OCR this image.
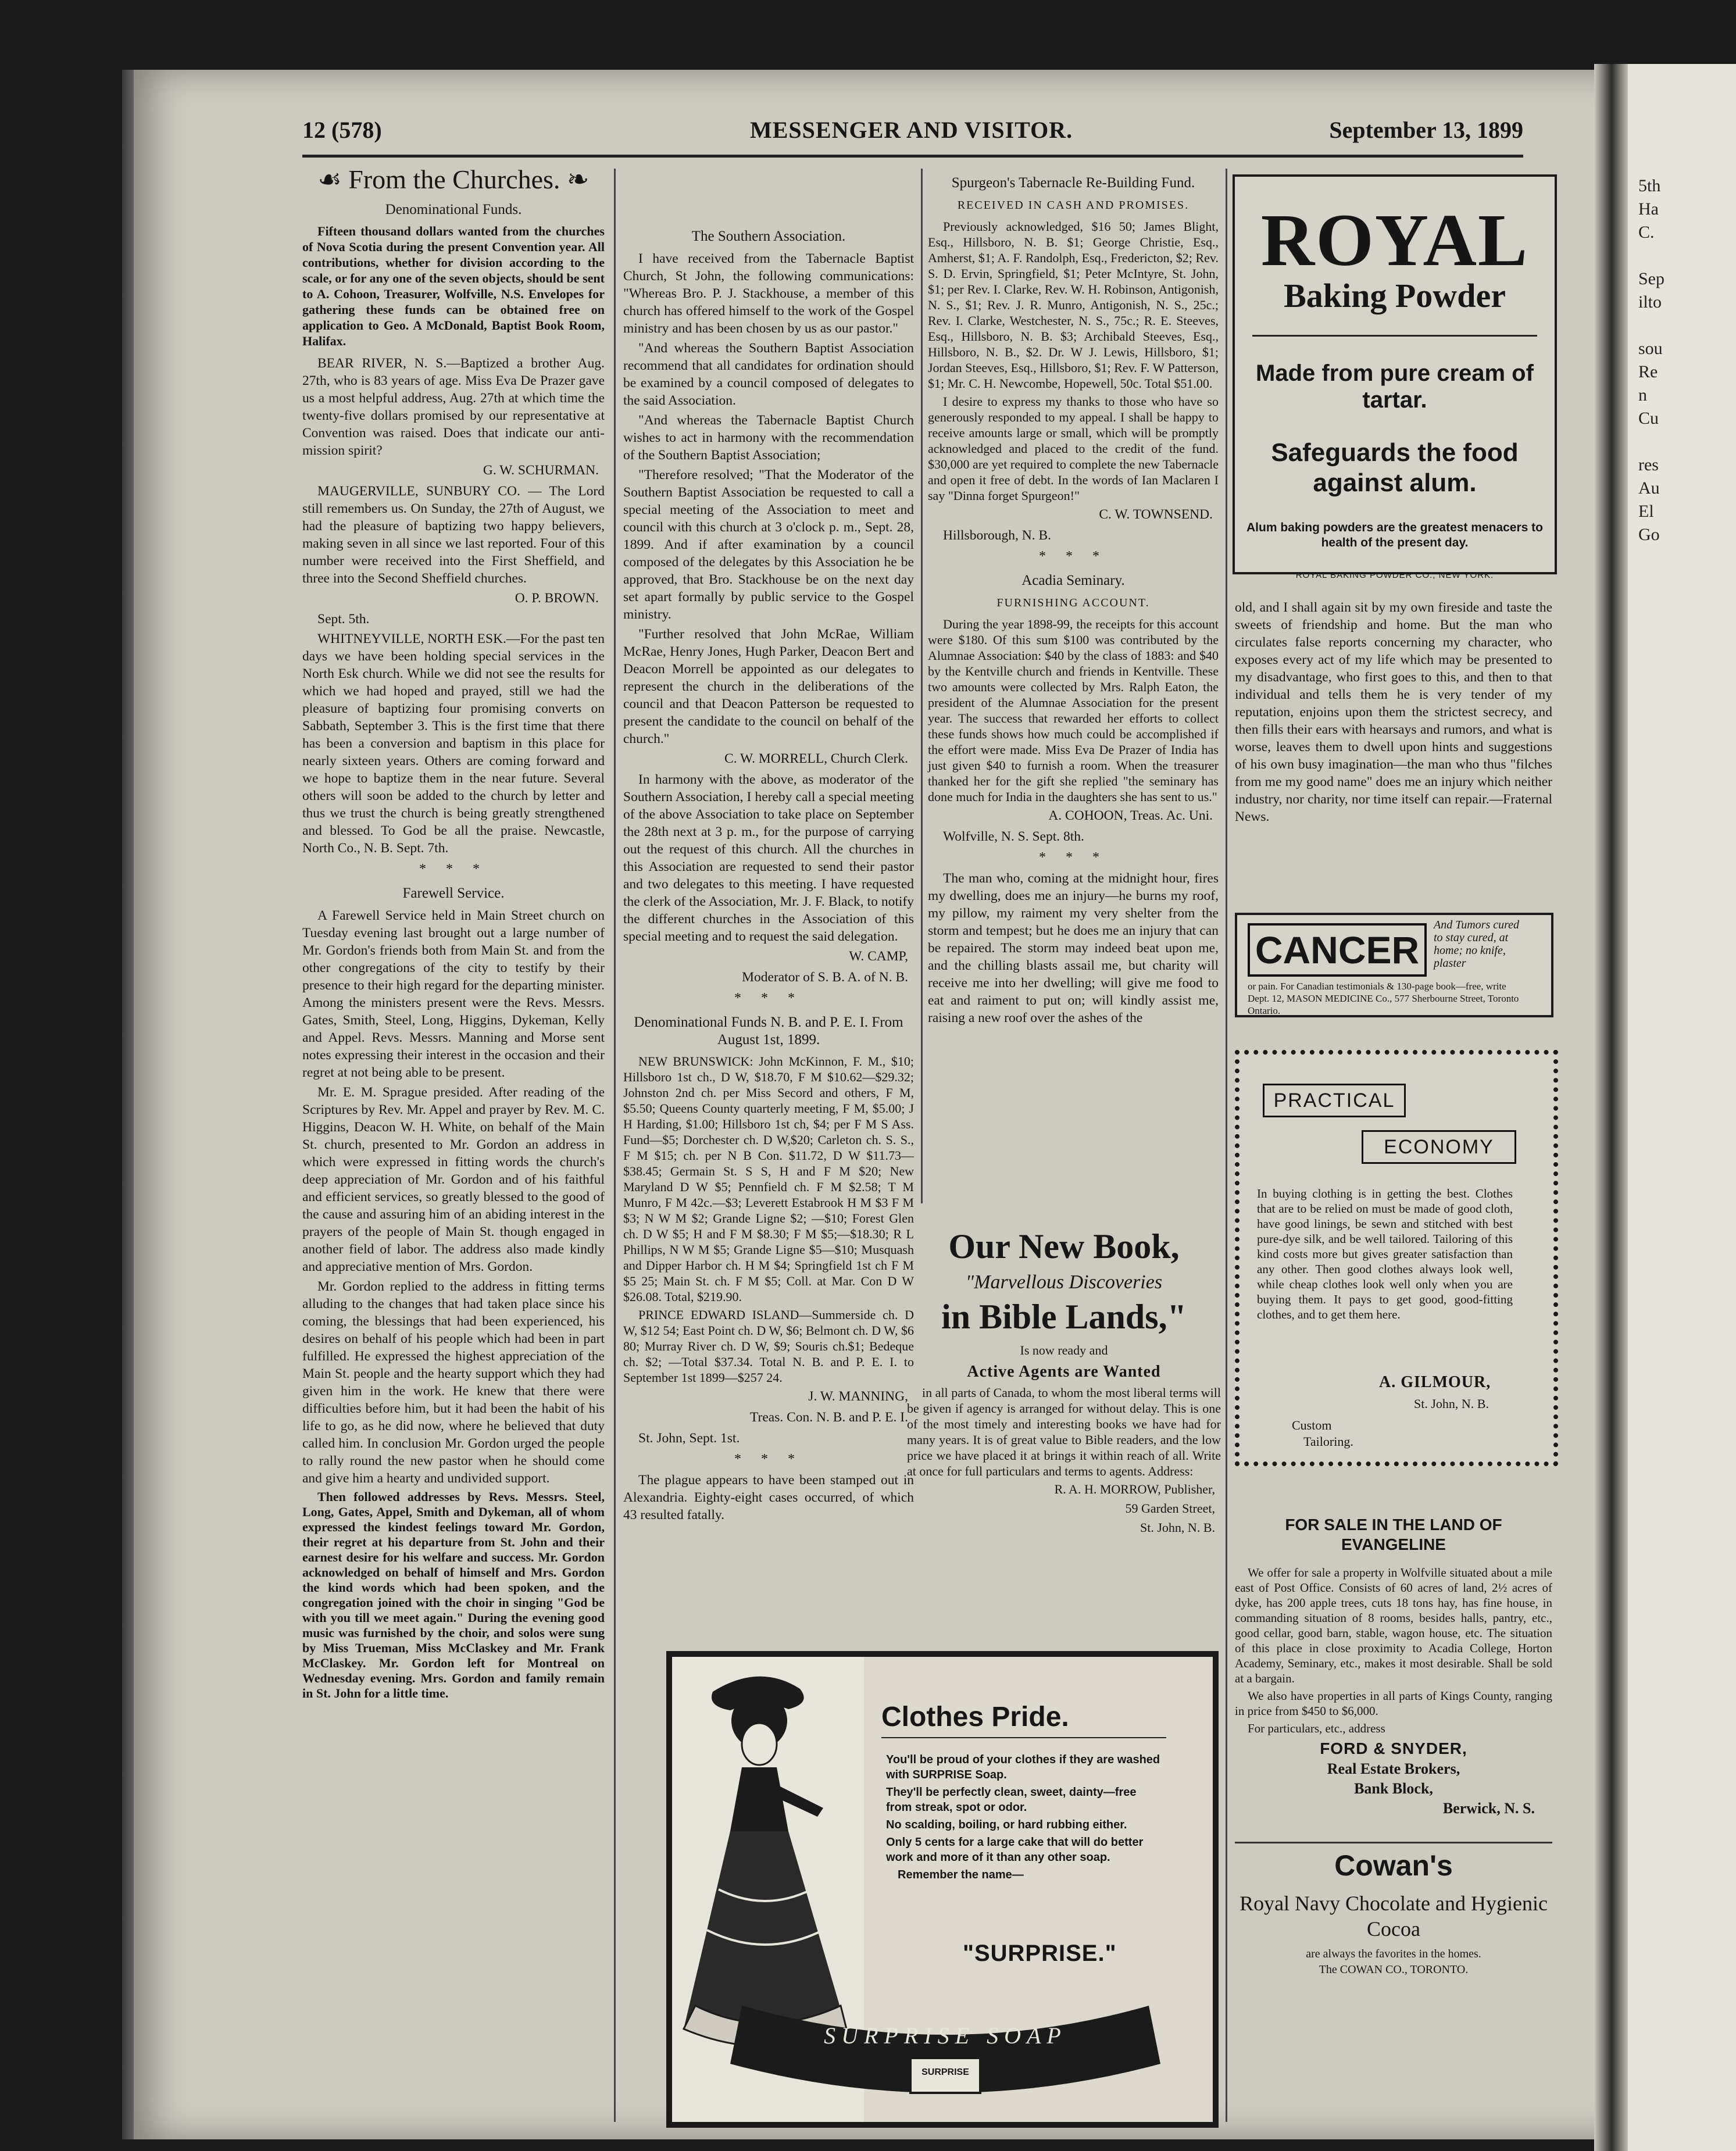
5th
Ha
C.

Sep
ilto

sou
Re
n
Cu

res
Au
El
Go
12 (578)	MESSENGER AND VISITOR.	September 13, 1899
☙ From the Churches. ❧
Denominational Funds.

Fifteen thousand dollars wanted from the churches of Nova Scotia during the present Convention year. All contributions, whether for division according to the scale, or for any one of the seven objects, should be sent to A. Cohoon, Treasurer, Wolfville, N.S. Envelopes for gathering these funds can be obtained free on application to Geo. A McDonald, Baptist Book Room, Halifax.

BEAR RIVER, N. S.—Baptized a brother Aug. 27th, who is 83 years of age. Miss Eva De Prazer gave us a most helpful address, Aug. 27th at which time the twenty-five dollars promised by our representative at Convention was raised. Does that indicate our anti-mission spirit?

G. W. SCHURMAN.

MAUGERVILLE, SUNBURY CO. — The Lord still remembers us. On Sunday, the 27th of August, we had the pleasure of baptizing two happy believers, making seven in all since we last reported. Four of this number were received into the First Sheffield, and three into the Second Sheffield churches.

O. P. BROWN.

Sept. 5th.

WHITNEYVILLE, NORTH ESK.—For the past ten days we have been holding special services in the North Esk church. While we did not see the results for which we had hoped and prayed, still we had the pleasure of baptizing four promising converts on Sabbath, September 3. This is the first time that there has been a conversion and baptism in this place for nearly sixteen years. Others are coming forward and we hope to baptize them in the near future. Several others will soon be added to the church by letter and thus we trust the church is being greatly strengthened and blessed. To God be all the praise. Newcastle, North Co., N. B. Sept. 7th.

* * *
Farewell Service.

A Farewell Service held in Main Street church on Tuesday evening last brought out a large number of Mr. Gordon's friends both from Main St. and from the other congregations of the city to testify by their presence to their high regard for the departing minister. Among the ministers present were the Revs. Messrs. Gates, Smith, Steel, Long, Higgins, Dykeman, Kelly and Appel. Revs. Messrs. Manning and Morse sent notes expressing their interest in the occasion and their regret at not being able to be present.

Mr. E. M. Sprague presided. After reading of the Scriptures by Rev. Mr. Appel and prayer by Rev. M. C. Higgins, Deacon W. H. White, on behalf of the Main St. church, presented to Mr. Gordon an address in which were expressed in fitting words the church's deep appreciation of Mr. Gordon and of his faithful and efficient services, so greatly blessed to the good of the cause and assuring him of an abiding interest in the prayers of the people of Main St. though engaged in another field of labor. The address also made kindly and appreciative mention of Mrs. Gordon.

Mr. Gordon replied to the address in fitting terms alluding to the changes that had taken place since his coming, the blessings that had been experienced, his desires on behalf of his people which had been in part fulfilled. He expressed the highest appreciation of the Main St. people and the hearty support which they had given him in the work. He knew that there were difficulties before him, but it had been the habit of his life to go, as he did now, where he believed that duty called him. In conclusion Mr. Gordon urged the people to rally round the new pastor when he should come and give him a hearty and undivided support.

Then followed addresses by Revs. Messrs. Steel, Long, Gates, Appel, Smith and Dykeman, all of whom expressed the kindest feelings toward Mr. Gordon, their regret at his departure from St. John and their earnest desire for his welfare and success. Mr. Gordon acknowledged on behalf of himself and Mrs. Gordon the kind words which had been spoken, and the congregation joined with the choir in singing "God be with you till we meet again." During the evening good music was furnished by the choir, and solos were sung by Miss Trueman, Miss McClaskey and Mr. Frank McClaskey. Mr. Gordon left for Montreal on Wednesday evening. Mrs. Gordon and family remain in St. John for a little time.

The Southern Association.

I have received from the Tabernacle Baptist Church, St John, the following communications: "Whereas Bro. P. J. Stackhouse, a member of this church has offered himself to the work of the Gospel ministry and has been chosen by us as our pastor."

"And whereas the Southern Baptist Association recommend that all candidates for ordination should be examined by a council composed of delegates to the said Association.

"And whereas the Tabernacle Baptist Church wishes to act in harmony with the recommendation of the Southern Baptist Association;

"Therefore resolved; "That the Moderator of the Southern Baptist Association be requested to call a special meeting of the Association to meet and council with this church at 3 o'clock p. m., Sept. 28, 1899. And if after examination by a council composed of the delegates by this Association he be approved, that Bro. Stackhouse be on the next day set apart formally by public service to the Gospel ministry.

"Further resolved that John McRae, William McRae, Henry Jones, Hugh Parker, Deacon Bert and Deacon Morrell be appointed as our delegates to represent the church in the deliberations of the council and that Deacon Patterson be requested to present the candidate to the council on behalf of the church."

C. W. MORRELL, Church Clerk.

In harmony with the above, as moderator of the Southern Association, I hereby call a special meeting of the above Association to take place on September the 28th next at 3 p. m., for the purpose of carrying out the request of this church. All the churches in this Association are requested to send their pastor and two delegates to this meeting. I have requested the clerk of the Association, Mr. J. F. Black, to notify the different churches in the Association of this special meeting and to request the said delegation.

W. CAMP,

Moderator of S. B. A. of N. B.

* * *
Denominational Funds N. B. and P. E. I. From August 1st, 1899.

NEW BRUNSWICK: John McKinnon, F. M., $10; Hillsboro 1st ch., D W, $18.70, F M $10.62—$29.32; Johnston 2nd ch. per Miss Secord and others, F M, $5.50; Queens County quarterly meeting, F M, $5.00; J H Harding, $1.00; Hillsboro 1st ch, $4; per F M S Ass. Fund—$5; Dorchester ch. D W,$20; Carleton ch. S. S., F M $15; ch. per N B Con. $11.72, D W $11.73—$38.45; Germain St. S S, H and F M $20; New Maryland D W $5; Pennfield ch. F M $2.58; T M Munro, F M 42c.—$3; Leverett Estabrook H M $3 F M $3; N W M $2; Grande Ligne $2; —$10; Forest Glen ch. D W $5; H and F M $8.30; F M $5;—$18.30; R L Phillips, N W M $5; Grande Ligne $5—$10; Musquash and Dipper Harbor ch. H M $4; Springfield 1st ch F M $5 25; Main St. ch. F M $5; Coll. at Mar. Con D W $26.08. Total, $219.90.

PRINCE EDWARD ISLAND—Summerside ch. D W, $12 54; East Point ch. D W, $6; Belmont ch. D W, $6 80; Murray River ch. D W, $9; Souris ch.$1; Bedeque ch. $2; —Total $37.34. Total N. B. and P. E. I. to September 1st 1899—$257 24.

J. W. MANNING,

Treas. Con. N. B. and P. E. I.

St. John, Sept. 1st.

* * *

The plague appears to have been stamped out in Alexandria. Eighty-eight cases occurred, of which 43 resulted fatally.

Spurgeon's Tabernacle Re-Building Fund.
RECEIVED IN CASH AND PROMISES.

Previously acknowledged, $16 50; James Blight, Esq., Hillsboro, N. B. $1; George Christie, Esq., Amherst, $1; A. F. Randolph, Esq., Fredericton, $2; Rev. S. D. Ervin, Springfield, $1; Peter McIntyre, St. John, $1; per Rev. I. Clarke, Rev. W. H. Robinson, Antigonish, N. S., $1; Rev. J. R. Munro, Antigonish, N. S., 25c.; Rev. I. Clarke, Westchester, N. S., 75c.; R. E. Steeves, Esq., Hillsboro, N. B. $3; Archibald Steeves, Esq., Hillsboro, N. B., $2. Dr. W J. Lewis, Hillsboro, $1; Jordan Steeves, Esq., Hillsboro, $1; Rev. F. W Patterson, $1; Mr. C. H. Newcombe, Hopewell, 50c. Total $51.00.

I desire to express my thanks to those who have so generously responded to my appeal. I shall be happy to receive amounts large or small, which will be promptly acknowledged and placed to the credit of the fund. $30,000 are yet required to complete the new Tabernacle and open it free of debt. In the words of Ian Maclaren I say "Dinna forget Spurgeon!"

C. W. TOWNSEND.

Hillsborough, N. B.

* * *
Acadia Seminary.
FURNISHING ACCOUNT.

During the year 1898-99, the receipts for this account were $180. Of this sum $100 was contributed by the Alumnae Association: $40 by the class of 1883: and $40 by the Kentville church and friends in Kentville. These two amounts were collected by Mrs. Ralph Eaton, the president of the Alumnae Association for the present year. The success that rewarded her efforts to collect these funds shows how much could be accomplished if the effort were made. Miss Eva De Prazer of India has just given $40 to furnish a room. When the treasurer thanked her for the gift she replied "the seminary has done much for India in the daughters she has sent to us."

A. COHOON, Treas. Ac. Uni.

Wolfville, N. S. Sept. 8th.

* * *

The man who, coming at the midnight hour, fires my dwelling, does me an injury—he burns my roof, my pillow, my raiment my very shelter from the storm and tempest; but he does me an injury that can be repaired. The storm may indeed beat upon me, and the chilling blasts assail me, but charity will receive me into her dwelling; will give me food to eat and raiment to put on; will kindly assist me, raising a new roof over the ashes of the

Our New Book,
"Marvellous Discoveries
in Bible Lands,"
Is now ready and
Active Agents are Wanted

in all parts of Canada, to whom the most liberal terms will be given if agency is arranged for without delay. This is one of the most timely and interesting books we have had for many years. It is of great value to Bible readers, and the low price we have placed it at brings it within reach of all. Write at once for full particulars and terms to agents. Address:

R. A. H. MORROW, Publisher,

59 Garden Street,

St. John, N. B.

ROYAL
Baking Powder
Made from pure cream of tartar.
Safeguards the food against alum.
Alum baking powders are the greatest menacers to health of the present day.
ROYAL BAKING POWDER CO., NEW YORK.

old, and I shall again sit by my own fireside and taste the sweets of friendship and home. But the man who circulates false reports concerning my character, who exposes every act of my life which may be presented to my disadvantage, who first goes to this, and then to that individual and tells them he is very tender of my reputation, enjoins upon them the strictest secrecy, and then fills their ears with hearsays and rumors, and what is worse, leaves them to dwell upon hints and suggestions of his own busy imagination—the man who thus "filches from me my good name" does me an injury which neither industry, nor charity, nor time itself can repair.—Fraternal News.

CANCER
And Tumors cured to stay cured, at home; no knife, plaster
or pain. For Canadian testimonials & 130-page book—free, write Dept. 12, MASON MEDICINE Co., 577 Sherbourne Street, Toronto Ontario.
PRACTICAL
ECONOMY
In buying clothing is in getting the best. Clothes that are to be relied on must be made of good cloth, have good linings, be sewn and stitched with best pure-dye silk, and be well tailored. Tailoring of this kind costs more but gives greater satisfaction than any other. Then good clothes always look well, while cheap clothes look well only when you are buying them. It pays to get good, good-fitting clothes, and to get them here.
A. GILMOUR,
St. John, N. B.
Custom
Tailoring.
FOR SALE IN THE LAND OF EVANGELINE

We offer for sale a property in Wolfville situated about a mile east of Post Office. Consists of 60 acres of land, 2½ acres of dyke, has 200 apple trees, cuts 18 tons hay, has fine house, in commanding situation of 8 rooms, besides halls, pantry, etc., good cellar, good barn, stable, wagon house, etc. The situation of this place in close proximity to Acadia College, Horton Academy, Seminary, etc., makes it most desirable. Shall be sold at a bargain.

We also have properties in all parts of Kings County, ranging in price from $450 to $6,000.

For particulars, etc., address

FORD & SNYDER,
Real Estate Brokers,
Bank Block,
Berwick, N. S.
Cowan's
Royal Navy Chocolate and Hygienic Cocoa
are always the favorites in the homes.
The COWAN CO., TORONTO.
Clothes Pride.
You'll be proud of your clothes if they are washed with SURPRISE Soap.
They'll be perfectly clean, sweet, dainty—free from streak, spot or odor.
No scalding, boiling, or hard rubbing either.
Only 5 cents for a large cake that will do better work and more of it than any other soap.
Remember the name—
"SURPRISE."
SURPRISE SOAP
SURPRISE
